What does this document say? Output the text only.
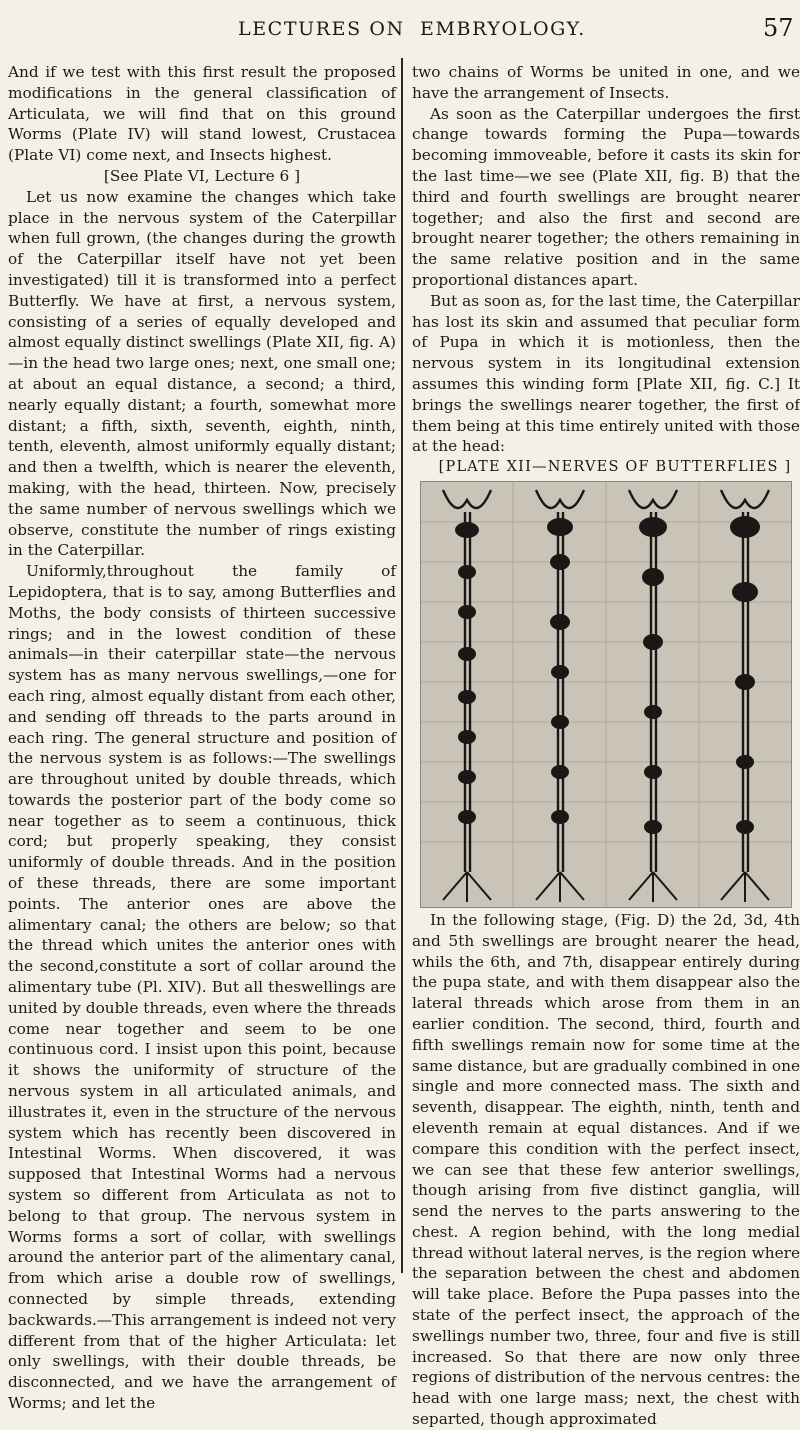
LECTURES ON EMBRYOLOGY.	57

And if we test with this first result the proposed modifications in the general classification of Articulata, we will find that on this ground Worms (Plate IV) will stand lowest, Crustacea (Plate VI) come next, and Insects highest.

[See Plate VI, Lecture 6 ]

Let us now examine the changes which take place in the nervous system of the Caterpillar when full grown, (the changes during the growth of the Caterpillar itself have not yet been investigated) till it is transformed into a perfect Butterfly. We have at first, a nervous system, consisting of a series of equally developed and almost equally distinct swellings (Plate XII, fig. A)—in the head two large ones; next, one small one; at about an equal distance, a second; a third, nearly equally distant; a fourth, somewhat more distant; a fifth, sixth, seventh, eighth, ninth, tenth, eleventh, almost uniformly equally distant; and then a twelfth, which is nearer the eleventh, making, with the head, thirteen. Now, precisely the same number of nervous swellings which we observe, constitute the number of rings existing in the Caterpillar.

Uniformly,throughout the family of Lepidoptera, that is to say, among Butterflies and Moths, the body consists of thirteen successive rings; and in the lowest condition of these animals—in their caterpillar state—the nervous system has as many nervous swellings,—one for each ring, almost equally distant from each other, and sending off threads to the parts around in each ring. The general structure and position of the nervous system is as follows:—The swellings are throughout united by double threads, which towards the posterior part of the body come so near together as to seem a continuous, thick cord; but properly speaking, they consist uniformly of double threads. And in the position of these threads, there are some important points. The anterior ones are above the alimentary canal; the others are below; so that the thread which unites the anterior ones with the second,constitute a sort of collar around the alimentary tube (Pl. XIV). But all theswellings are united by double threads, even where the threads come near together and seem to be one continuous cord. I insist upon this point, because it shows the uniformity of structure of the nervous system in all articulated animals, and illustrates it, even in the structure of the nervous system which has recently been discovered in Intestinal Worms. When discovered, it was supposed that Intestinal Worms had a nervous system so different from Articulata as not to belong to that group. The nervous system in Worms forms a sort of collar, with swellings around the anterior part of the alimentary canal, from which arise a double row of swellings, connected by simple threads, extending backwards.—This arrangement is indeed not very different from that of the higher Articulata: let only swellings, with their double threads, be disconnected, and we have the arrangement of Worms; and let the

two chains of Worms be united in one, and we have the arrangement of Insects.

As soon as the Caterpillar undergoes the first change towards forming the Pupa—towards becoming immoveable, before it casts its skin for the last time—we see (Plate XII, fig. B) that the third and fourth swellings are brought nearer together; and also the first and second are brought nearer together; the others remaining in the same relative position and in the same proportional distances apart.

But as soon as, for the last time, the Caterpillar has lost its skin and assumed that peculiar form of Pupa in which it is motionless, then the nervous system in its longitudinal extension assumes this winding form [Plate XII, fig. C.] It brings the swellings nearer together, the first of them being at this time entirely united with those at the head:

[PLATE XII—NERVES OF BUTTERFLIES ]

In the following stage, (Fig. D) the 2d, 3d, 4th and 5th swellings are brought nearer the head, whils the 6th, and 7th, disappear entirely during the pupa state, and with them disappear also the lateral threads which arose from them in an earlier condition. The second, third, fourth and fifth swellings remain now for some time at the same distance, but are gradually combined in one single and more connected mass. The sixth and seventh, disappear. The eighth, ninth, tenth and eleventh remain at equal distances. And if we compare this condition with the perfect insect, we can see that these few anterior swellings, though arising from five distinct ganglia, will send the nerves to the parts answering to the chest. A region behind, with the long medial thread without lateral nerves, is the region where the separation between the chest and abdomen will take place. Before the Pupa passes into the state of the perfect insect, the approach of the swellings number two, three, four and five is still increased. So that there are now only three regions of distribution of the nervous centres: the head with one large mass; next, the chest with separted, though approximated
